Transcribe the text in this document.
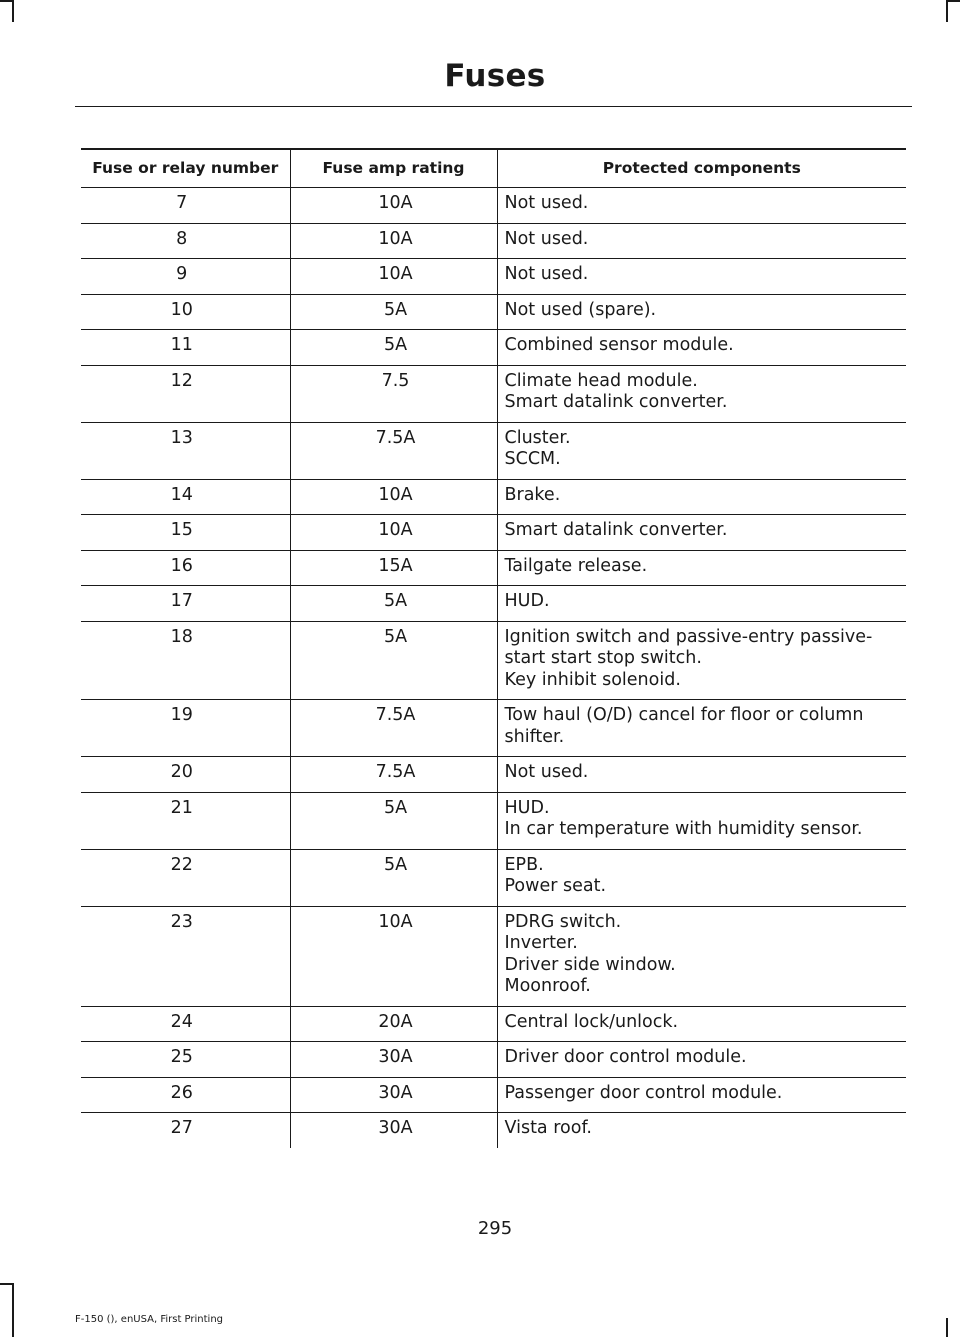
Fuses
Fuse or relay number	Fuse amp rating	Protected components
7	10A	Not used.

8	10A	Not used.

9	10A	Not used.

10	5A	Not used (spare).

11	5A	Combined sensor module.

12	7.5	Climate head module.
Smart datalink converter.

13	7.5A	Cluster.
SCCM.

14	10A	Brake.

15	10A	Smart datalink converter.

16	15A	Tailgate release.

17	5A	HUD.

18	5A	Ignition switch and passive-entry passive-start start stop switch.
Key inhibit solenoid.

19	7.5A	Tow haul (O/D) cancel for floor or column shifter.

20	7.5A	Not used.

21	5A	HUD.
In car temperature with humidity sensor.

22	5A	EPB.
Power seat.

23	10A	PDRG switch.
Inverter.
Driver side window.
Moonroof.

24	20A	Central lock/unlock.

25	30A	Driver door control module.

26	30A	Passenger door control module.

27	30A	Vista roof.
295
F-150 (), enUSA, First Printing
